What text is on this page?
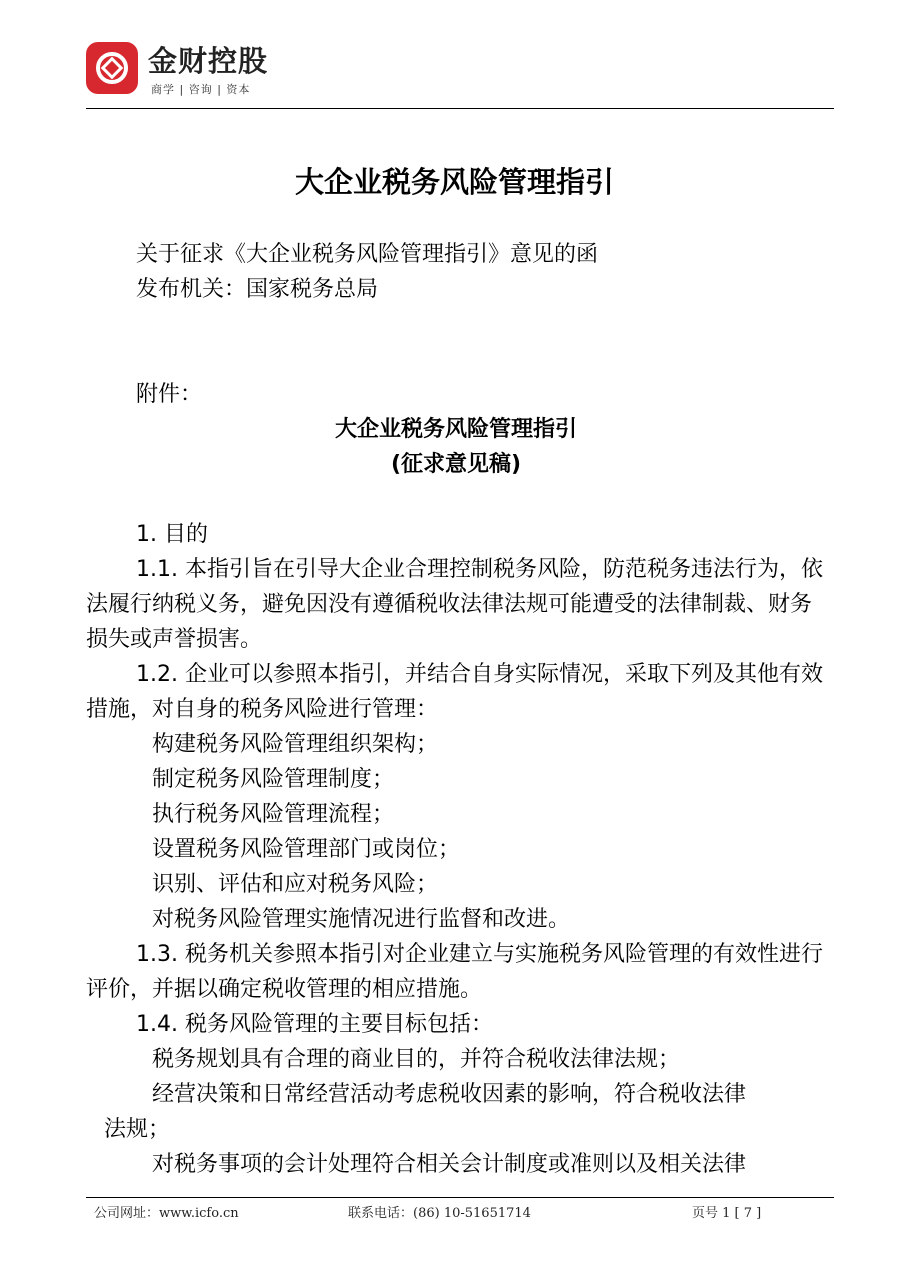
金财控股
商学 | 咨询 | 资本
大企业税务风险管理指引

关于征求《大企业税务风险管理指引》意见的函

发布机关：国家税务总局

附件：

大企业税务风险管理指引

(征求意见稿)

1. 目的

1.1. 本指引旨在引导大企业合理控制税务风险，防范税务违法行为，依法履行纳税义务，避免因没有遵循税收法律法规可能遭受的法律制裁、财务损失或声誉损害。

1.2. 企业可以参照本指引，并结合自身实际情况，采取下列及其他有效措施，对自身的税务风险进行管理：

构建税务风险管理组织架构；

制定税务风险管理制度；

执行税务风险管理流程；

设置税务风险管理部门或岗位；

识别、评估和应对税务风险；

对税务风险管理实施情况进行监督和改进。

1.3. 税务机关参照本指引对企业建立与实施税务风险管理的有效性进行评价，并据以确定税收管理的相应措施。

1.4. 税务风险管理的主要目标包括：

税务规划具有合理的商业目的，并符合税收法律法规；

经营决策和日常经营活动考虑税收因素的影响，符合税收法律
法规；

对税务事项的会计处理符合相关会计制度或准则以及相关法律

公司网址：www.icfo.cn	联系电话：(86) 10-51651714	页号 1 [ 7 ]
